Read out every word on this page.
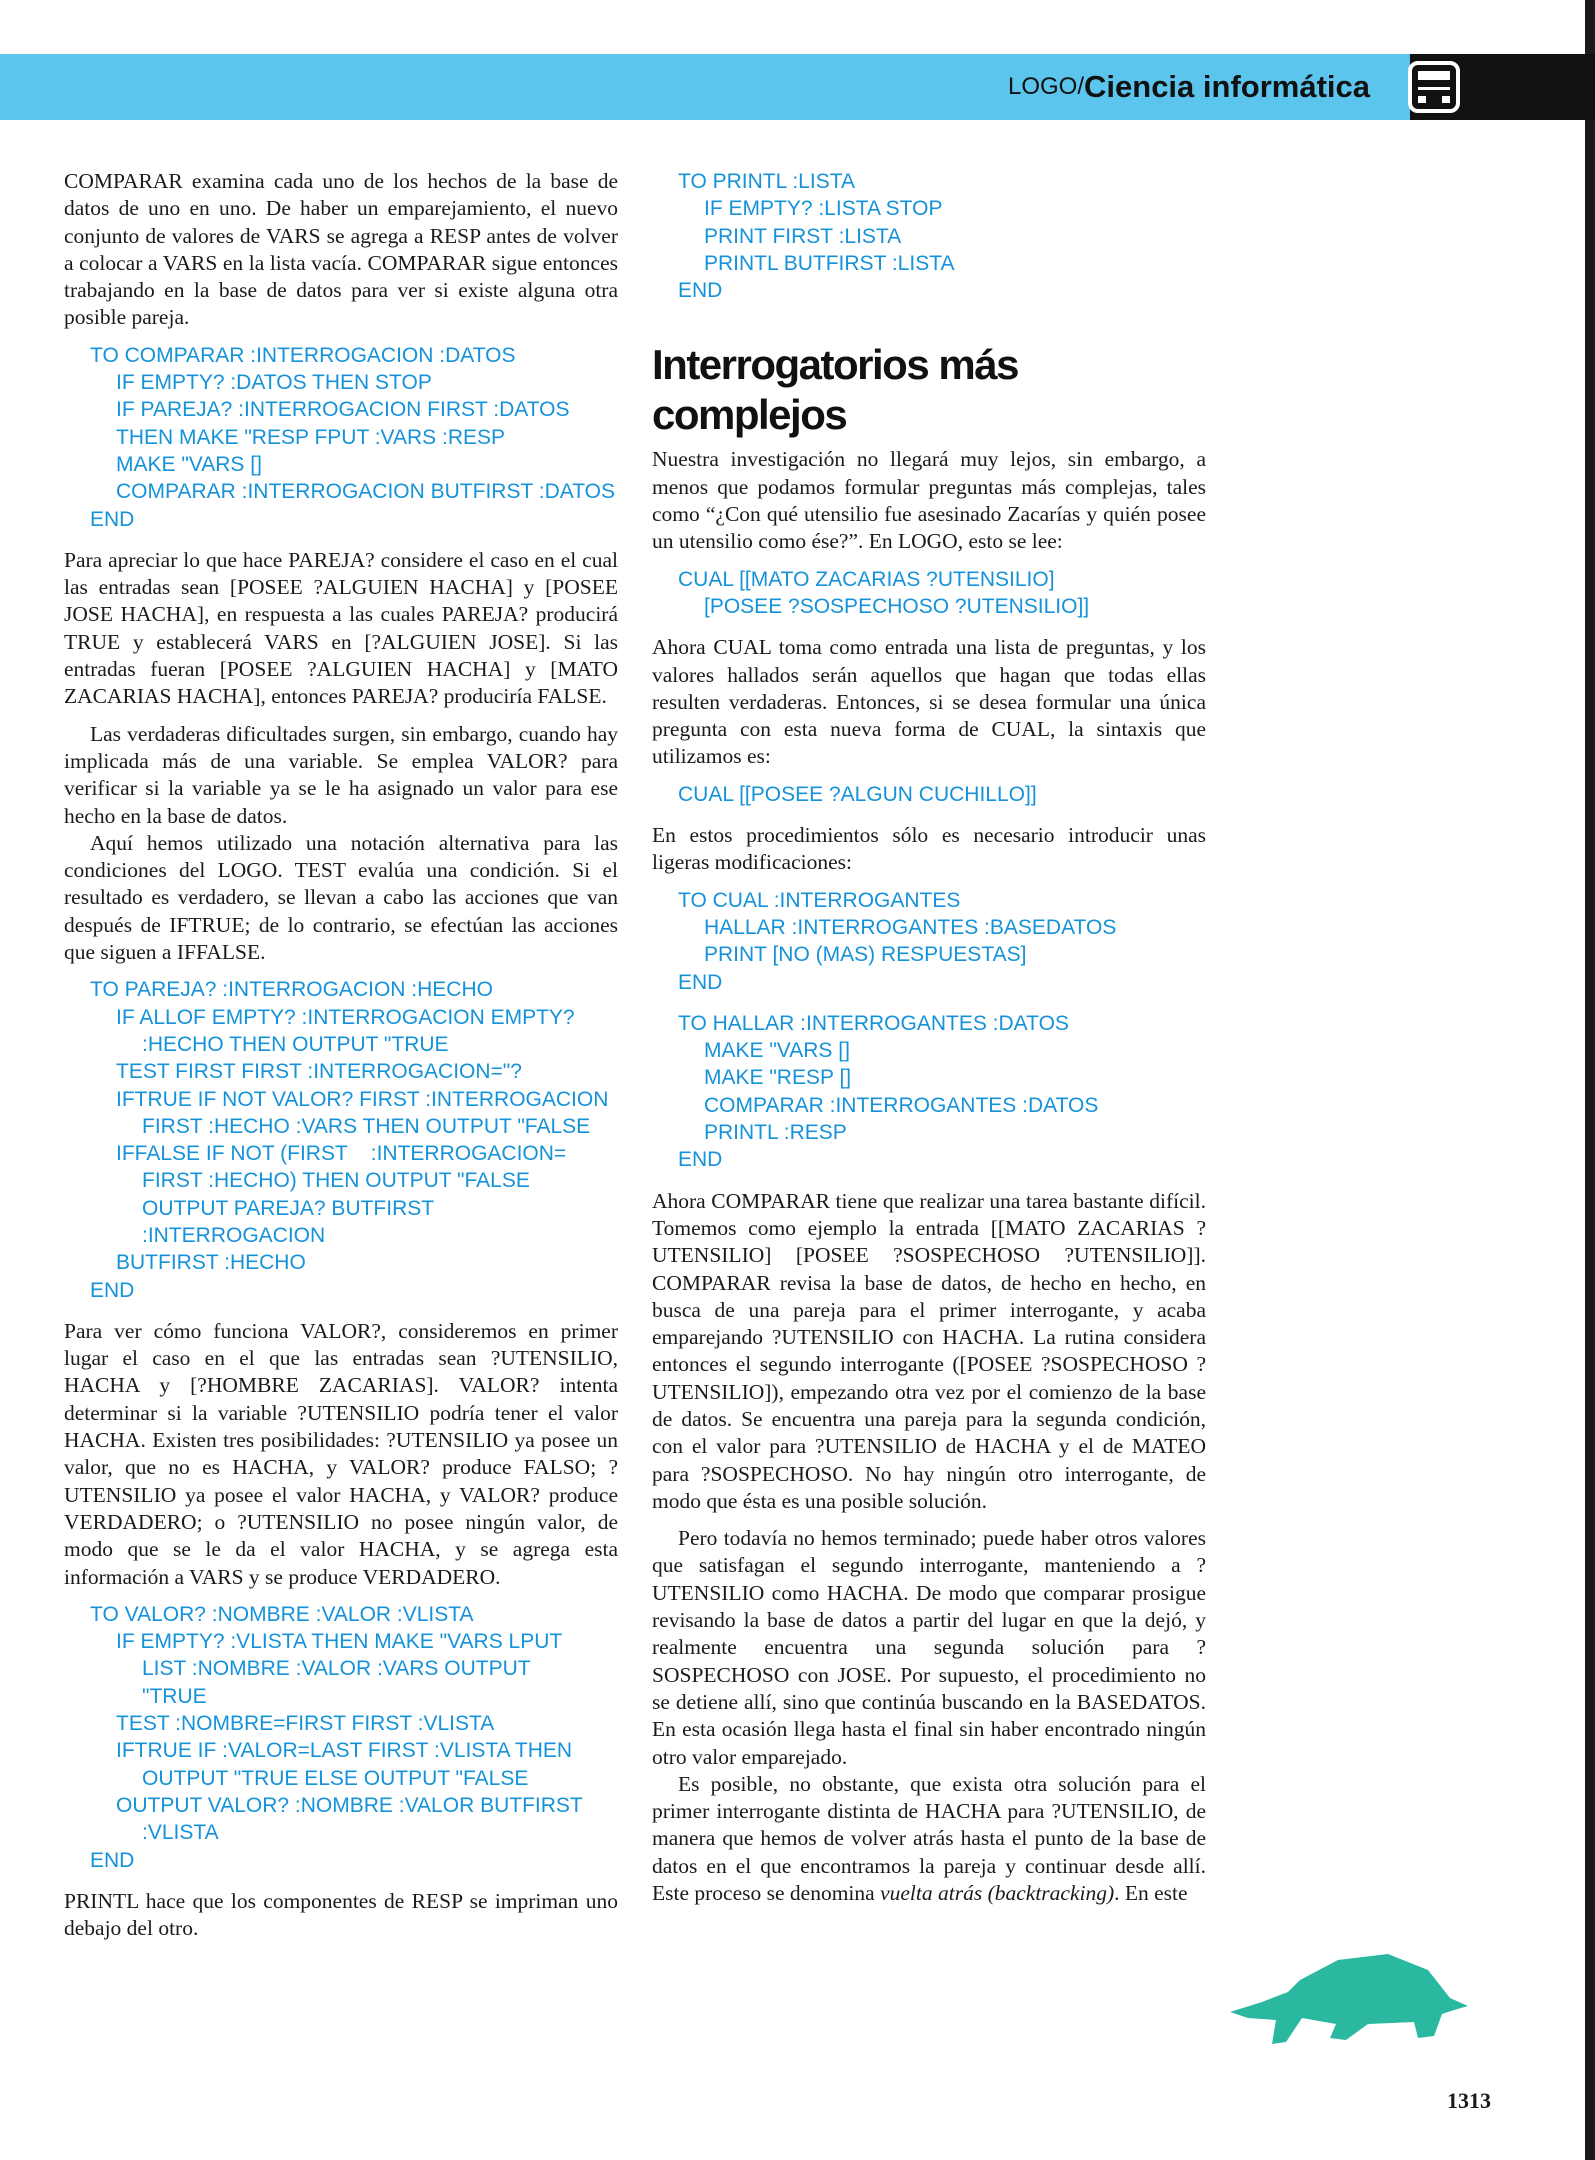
LOGO/ Ciencia informática

COMPARAR examina cada uno de los hechos de la base de datos de uno en uno. De haber un emparejamiento, el nuevo conjunto de valores de VARS se agrega a RESP antes de volver a colocar a VARS en la lista vacía. COMPARAR sigue entonces trabajando en la base de datos para ver si existe alguna otra posible pareja.

TO COMPARAR :INTERROGACION :DATOS
IF EMPTY? :DATOS THEN STOP
IF PAREJA? :INTERROGACION FIRST :DATOS
THEN MAKE "RESP FPUT :VARS :RESP
MAKE "VARS []
COMPARAR :INTERROGACION BUTFIRST :DATOS
END

Para apreciar lo que hace PAREJA? considere el caso en el cual las entradas sean [POSEE ?ALGUIEN HACHA] y [POSEE JOSE HACHA], en respuesta a las cuales PAREJA? producirá TRUE y establecerá VARS en [?ALGUIEN JOSE]. Si las entradas fueran [POSEE ?ALGUIEN HACHA] y [MATO ZACARIAS HACHA], entonces PAREJA? produciría FALSE.

Las verdaderas dificultades surgen, sin embargo, cuando hay implicada más de una variable. Se emplea VALOR? para verificar si la variable ya se le ha asignado un valor para ese hecho en la base de datos.

Aquí hemos utilizado una notación alternativa para las condiciones del LOGO. TEST evalúa una condición. Si el resultado es verdadero, se llevan a cabo las acciones que van después de IFTRUE; de lo contrario, se efectúan las acciones que siguen a IFFALSE.

TO PAREJA? :INTERROGACION :HECHO
IF ALLOF EMPTY? :INTERROGACION EMPTY?
:HECHO THEN OUTPUT "TRUE
TEST FIRST FIRST :INTERROGACION="?
IFTRUE IF NOT VALOR? FIRST :INTERROGACION
FIRST :HECHO :VARS THEN OUTPUT "FALSE
IFFALSE IF NOT (FIRST    :INTERROGACION=
FIRST :HECHO) THEN OUTPUT "FALSE
OUTPUT PAREJA? BUTFIRST
:INTERROGACION
BUTFIRST :HECHO
END

Para ver cómo funciona VALOR?, consideremos en primer lugar el caso en el que las entradas sean ?UTENSILIO, HACHA y [?HOMBRE ZACARIAS]. VALOR? intenta determinar si la variable ?UTENSILIO podría tener el valor HACHA. Existen tres posibilidades: ?UTENSILIO ya posee un valor, que no es HACHA, y VALOR? produce FALSO; ?UTENSILIO ya posee el valor HACHA, y VALOR? produce VERDADERO; o ?UTENSILIO no posee ningún valor, de modo que se le da el valor HACHA, y se agrega esta información a VARS y se produce VERDADERO.

TO VALOR? :NOMBRE :VALOR :VLISTA
IF EMPTY? :VLISTA THEN MAKE "VARS LPUT
LIST :NOMBRE :VALOR :VARS OUTPUT
"TRUE
TEST :NOMBRE=FIRST FIRST :VLISTA
IFTRUE IF :VALOR=LAST FIRST :VLISTA THEN
OUTPUT "TRUE ELSE OUTPUT "FALSE
OUTPUT VALOR? :NOMBRE :VALOR BUTFIRST
:VLISTA
END

PRINTL hace que los componentes de RESP se impriman uno debajo del otro.

TO PRINTL :LISTA
IF EMPTY? :LISTA STOP
PRINT FIRST :LISTA
PRINTL BUTFIRST :LISTA
END
Interrogatorios más complejos

Nuestra investigación no llegará muy lejos, sin embargo, a menos que podamos formular preguntas más complejas, tales como “¿Con qué utensilio fue asesinado Zacarías y quién posee un utensilio como ése?”. En LOGO, esto se lee:

CUAL [[MATO ZACARIAS ?UTENSILIO]
[POSEE ?SOSPECHOSO ?UTENSILIO]]

Ahora CUAL toma como entrada una lista de preguntas, y los valores hallados serán aquellos que hagan que todas ellas resulten verdaderas. Entonces, si se desea formular una única pregunta con esta nueva forma de CUAL, la sintaxis que utilizamos es:

CUAL [[POSEE ?ALGUN CUCHILLO]]

En estos procedimientos sólo es necesario introducir unas ligeras modificaciones:

TO CUAL :INTERROGANTES
HALLAR :INTERROGANTES :BASEDATOS
PRINT [NO (MAS) RESPUESTAS]
END
TO HALLAR :INTERROGANTES :DATOS
MAKE "VARS []
MAKE "RESP []
COMPARAR :INTERROGANTES :DATOS
PRINTL :RESP
END

Ahora COMPARAR tiene que realizar una tarea bastante difícil. Tomemos como ejemplo la entrada [[MATO ZACARIAS ?UTENSILIO] [POSEE ?SOSPECHOSO ?UTENSILIO]]. COMPARAR revisa la base de datos, de hecho en hecho, en busca de una pareja para el primer interrogante, y acaba emparejando ?UTENSILIO con HACHA. La rutina considera entonces el segundo interrogante ([POSEE ?SOSPECHOSO ?UTENSILIO]), empezando otra vez por el comienzo de la base de datos. Se encuentra una pareja para la segunda condición, con el valor para ?UTENSILIO de HACHA y el de MATEO para ?SOSPECHOSO. No hay ningún otro interrogante, de modo que ésta es una posible solución.

Pero todavía no hemos terminado; puede haber otros valores que satisfagan el segundo interrogante, manteniendo a ?UTENSILIO como HACHA. De modo que comparar prosigue revisando la base de datos a partir del lugar en que la dejó, y realmente encuentra una segunda solución para ?SOSPECHOSO con JOSE. Por supuesto, el procedimiento no se detiene allí, sino que continúa buscando en la BASEDATOS. En esta ocasión llega hasta el final sin haber encontrado ningún otro valor emparejado.

Es posible, no obstante, que exista otra solución para el primer interrogante distinta de HACHA para ?UTENSILIO, de manera que hemos de volver atrás hasta el punto de la base de datos en el que encontramos la pareja y continuar desde allí. Este proceso se denomina vuelta atrás (backtracking). En este

1313
